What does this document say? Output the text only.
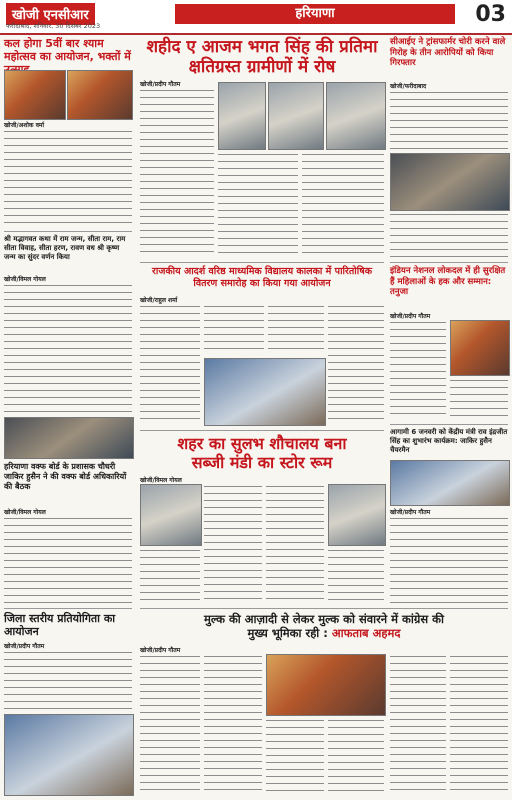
खोजी एनसीआर
फरीदाबाद, शनिवार, 30 दिसंबर 2023
हरियाणा	03
कल होगा 5वीं बार श्याम महोत्सव का आयोजन, भक्तों में
खोजी/अशोक वर्मा
शहीद ए आजम भगत सिंह की प्रतिमा
क्षतिग्रस्त ग्रामीणों में रोष
खोजी/प्रदीप गौतम
सीआईए ने ट्रांसफार्मर चोरी करने वाले गिरोह के तीन आरोपियों को किया गिरफ्तार
खोजी/फरीदाबाद
श्री मद्भागवत कथा में राम जन्म, सीता राम, राम सीता विवाह, सीता हरण, रावण वध श्री कृष्ण जन्म का सुंदर वर्णन किया
खोजी/विमल गोयल
राजकीय आदर्श वरिष्ठ माध्यमिक विद्यालय कालका में पारितोषिक वितरण समारोह का किया गया आयोजन
खोजी/राहुल शर्मा
इंडियन नेशनल लोकदल में ही सुरक्षित हैं महिलाओं के हक और सम्मान: तनुजा
खोजी/प्रदीप गौतम
हरियाणा वक्फ बोर्ड के प्रशासक चौधरी जाकिर हुसैन ने की वक्फ बोर्ड अधिकारियों की बैठक
खोजी/विमल गोयल
शहर का सुलभ शौचालय बना
सब्जी मंडी का स्टोर रूम
खोजी/विमल गोयल
आगामी 6 जनवरी को केंद्रीय मंत्री राव इंद्रजीत सिंह का शुभारंभ कार्यक्रम: जाकिर हुसैन चैयरमैन
खोजी/प्रदीप गौतम
मुल्क की आज़ादी से लेकर मुल्क को संवारने में कांग्रेस की
मुख्य भूमिका रही : आफताब अहमद
खोजी/प्रदीप गौतम
जिला स्तरीय प्रतियोगिता का आयोजन
खोजी/प्रदीप गौतम
